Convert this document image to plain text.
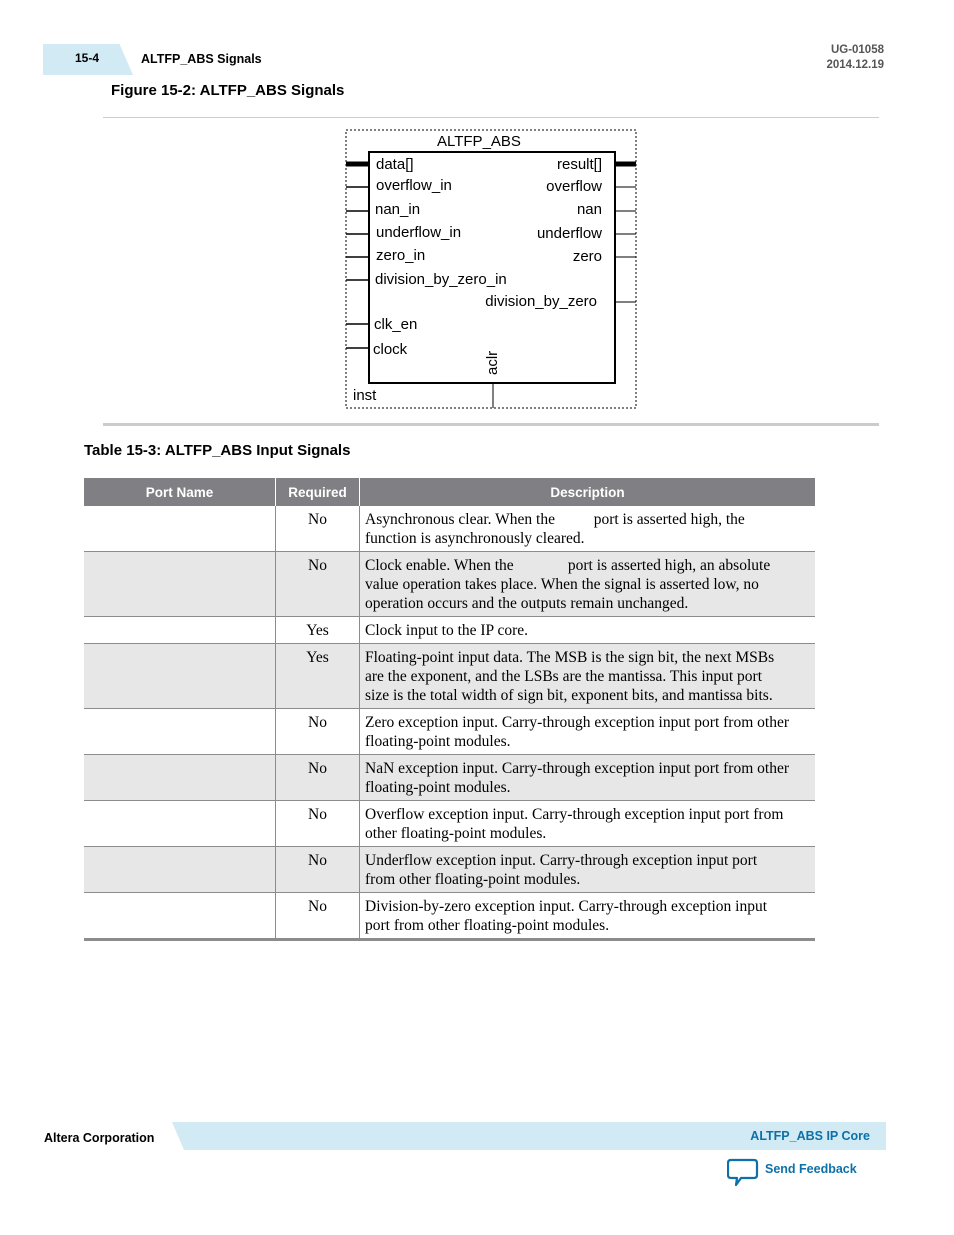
15-4	ALTFP_ABS Signals
UG-01058
2014.12.19
Figure 15-2: ALTFP_ABS Signals
ALTFP_ABS
data[]
overflow_in
nan_in
underflow_in
zero_in
division_by_zero_in
clk_en
clock
result[]
overflow
nan
underflow
zero
division_by_zero
aclr
inst
Table 15-3: ALTFP_ABS Input Signals
Port Name	Required	Description
	No	Asynchronous clear. When the          port is asserted high, the function is asynchronously cleared.
	No	Clock enable. When the              port is asserted high, an absolute value operation takes place. When the signal is asserted low, no operation occurs and the outputs remain unchanged.
	Yes	Clock input to the IP core.
	Yes	Floating-point input data. The MSB is the sign bit, the next MSBs are the exponent, and the LSBs are the mantissa. This input port size is the total width of sign bit, exponent bits, and mantissa bits.
	No	Zero exception input. Carry-through exception input port from other floating-point modules.
	No	NaN exception input. Carry-through exception input port from other floating-point modules.
	No	Overflow exception input. Carry-through exception input port from other floating-point modules.
	No	Underflow exception input. Carry-through exception input port from other floating-point modules.
	No	Division-by-zero exception input. Carry-through exception input port from other floating-point modules.
Altera Corporation	ALTFP_ABS IP Core
Send Feedback
